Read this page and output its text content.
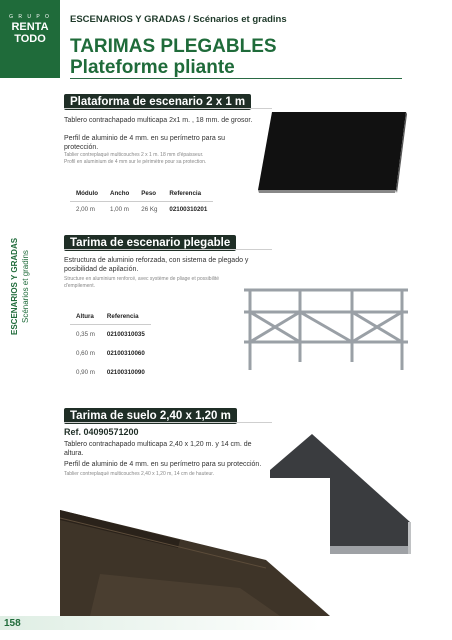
G R U P O
RENTA
TODO
ESCENARIOS Y GRADAS / Scénarios et gradins
TARIMAS PLEGABLES
Plateforme pliante
ESCENARIOS Y GRADAS Scénarios et gradins
Plataforma de escenario 2 x 1 m
Tablero contrachapado multicapa 2x1 m. , 18 mm. de grosor.
Perfil de aluminio de 4 mm. en su perímetro para su protección.
Tablier contreplaqué multicouches 2 x 1 m. 18 mm d'épaisseur.
Profil en aluminium de 4 mm sur le périmètre pour sa protection.
Módulo	Ancho	Peso	Referencia
2,00 m	1,00 m	26 Kg	02100310201
Tarima de escenario plegable
Estructura de aluminio reforzada, con sistema de plegado y posibilidad de apilación.
Structure en aluminium renforcé, avec système de pliage et possibilité d'empilement.
Altura	Referencia
0,35 m	02100310035
0,60 m	02100310060
0,90 m	02100310090
Tarima de suelo 2,40 x 1,20 m
Ref. 04090571200
Tablero contrachapado multicapa 2,40 x 1,20 m. y 14 cm. de altura.
Perfil de aluminio de 4 mm. en su perímetro para su protección.
Tablier contreplaqué multicouches 2,40 x 1,20 m, 14 cm de hauteur.
158
